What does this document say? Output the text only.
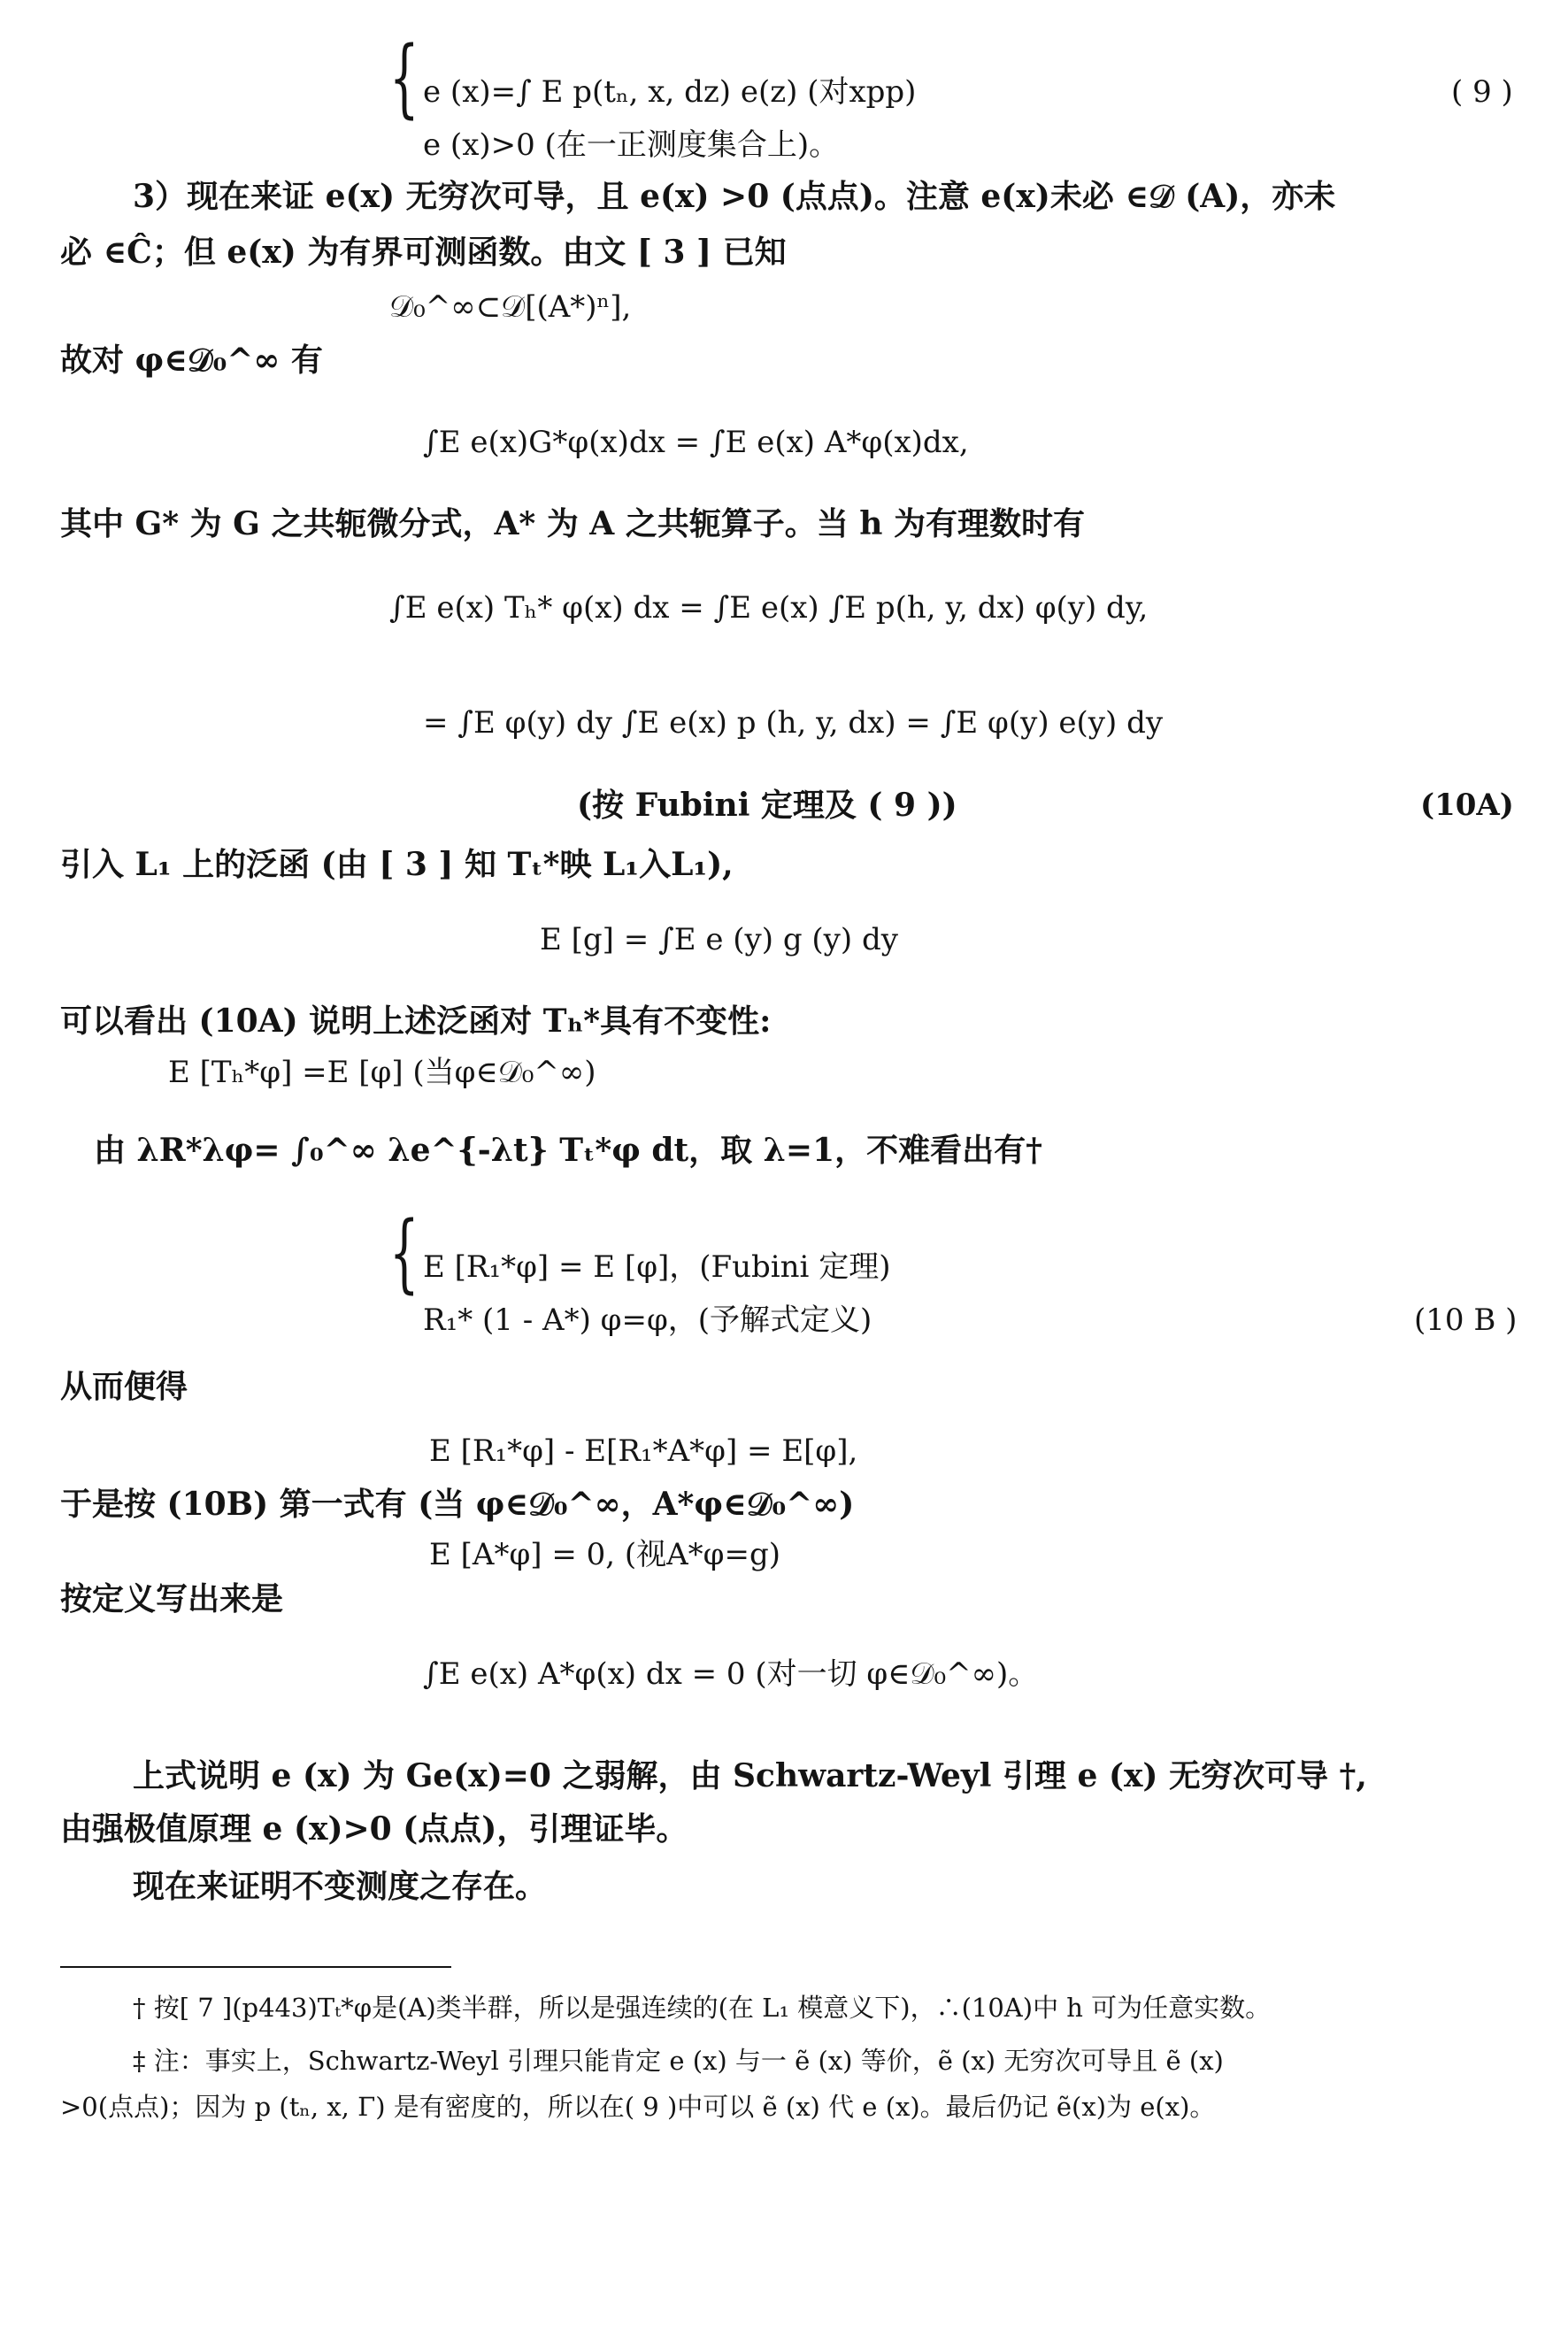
{ e (x)=∫ E p(tₙ, x, dz) e(z) (对xpp)
e (x)>0 (在一正测度集合上)。
( 9 )
3）现在来证 e(x) 无穷次可导，且 e(x) >0 (点点)。注意 e(x)未必 ∈𝒟 (A)，亦未
必 ∈Ĉ；但 e(x) 为有界可测函数。由文 [ 3 ] 已知
𝒟₀^∞⊂𝒟[(A*)ⁿ],
故对 φ∈𝒟₀^∞ 有
∫E e(x)G*φ(x)dx = ∫E e(x) A*φ(x)dx,
其中 G* 为 G 之共轭微分式，A* 为 A 之共轭算子。当 h 为有理数时有
∫E e(x) Tₕ* φ(x) dx = ∫E e(x) ∫E p(h, y, dx) φ(y) dy,
= ∫E φ(y) dy ∫E e(x) p (h, y, dx) = ∫E φ(y) e(y) dy
(按 Fubini 定理及 ( 9 ))	(10A)
引入 L₁ 上的泛函 (由 [ 3 ] 知 Tₜ*映 L₁入L₁),
E [g] = ∫E e (y) g (y) dy
可以看出 (10A) 说明上述泛函对 Tₕ*具有不变性:
E [Tₕ*φ] =E [φ] (当φ∈𝒟₀^∞)
由 λR*λφ= ∫₀^∞ λe^{-λt} Tₜ*φ dt，取 λ=1，不难看出有†
{ E [R₁*φ] = E [φ]，(Fubini 定理)
R₁* (1 - A*) φ=φ，(予解式定义)	(10 B )
从而便得
E [R₁*φ] - E[R₁*A*φ] = E[φ],
于是按 (10B) 第一式有 (当 φ∈𝒟₀^∞，A*φ∈𝒟₀^∞)
E [A*φ] = 0, (视A*φ=g)
按定义写出来是
∫E e(x) A*φ(x) dx = 0 (对一切 φ∈𝒟₀^∞)。
上式说明 e (x) 为 Ge(x)=0 之弱解，由 Schwartz-Weyl 引理 e (x) 无穷次可导 †,
由强极值原理 e (x)>0 (点点)，引理证毕。
现在来证明不变测度之存在。
† 按[ 7 ](p443)Tₜ*φ是(A)类半群，所以是强连续的(在 L₁ 模意义下)，∴(10A)中 h 可为任意实数。
‡ 注：事实上，Schwartz-Weyl 引理只能肯定 e (x) 与一 ẽ (x) 等价，ẽ (x) 无穷次可导且 ẽ (x)
>0(点点)；因为 p (tₙ, x, Γ) 是有密度的，所以在( 9 )中可以 ẽ (x) 代 e (x)。最后仍记 ẽ(x)为 e(x)。
